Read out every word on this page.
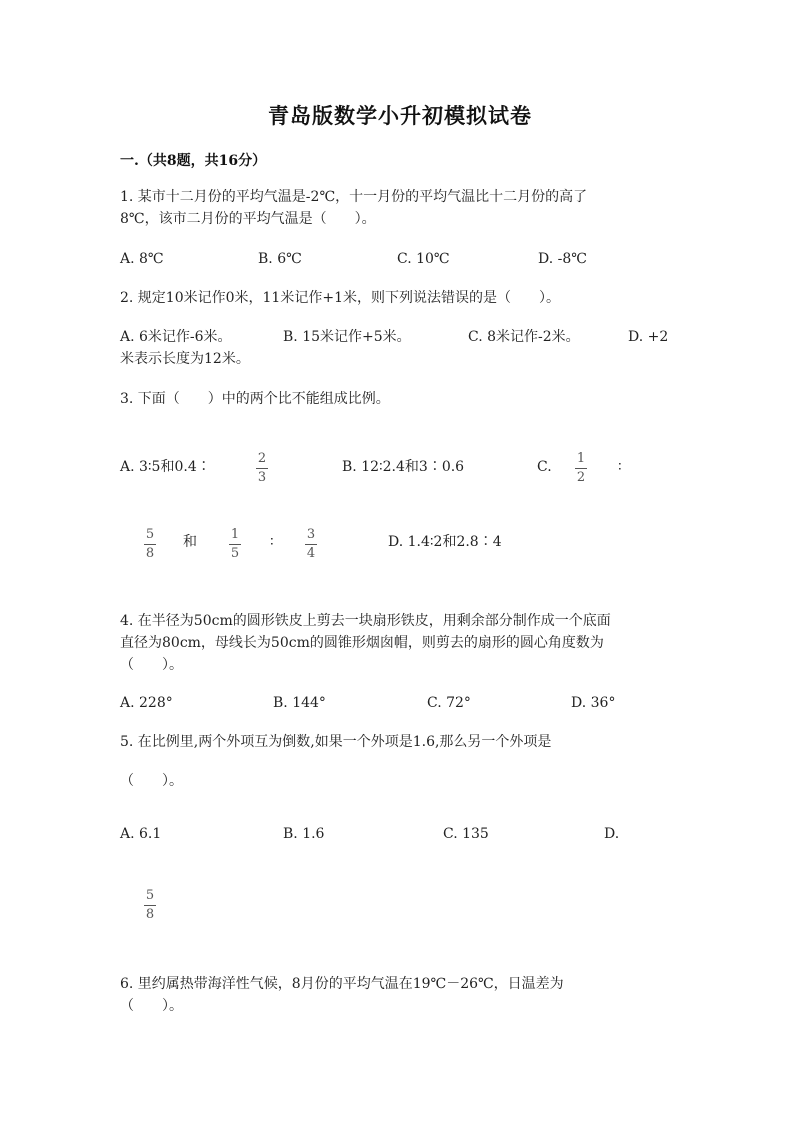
青岛版数学小升初模拟试卷
一.（共8题，共16分）
1. 某市十二月份的平均气温是-2℃，十一月份的平均气温比十二月份的高了
8℃，该市二月份的平均气温是（　　）。
A. 8℃	B. 6℃	C. 10℃	D. -8℃
2. 规定10米记作0米，11米记作+1米，则下列说法错误的是（　　）。
A. 6米记作-6米。	B. 15米记作+5米。	C. 8米记作-2米。	D. +2
米表示长度为12米。
3. 下面（　　）中的两个比不能组成比例。
A. 3∶5和0.4∶
2
3
B. 12∶2.4和3∶0.6	C.
1
2
∶
5
8
和	1
5
∶	3
4
D. 1.4∶2和2.8∶4
4. 在半径为50cm的圆形铁皮上剪去一块扇形铁皮，用剩余部分制作成一个底面
直径为80cm，母线长为50cm的圆锥形烟囱帽，则剪去的扇形的圆心角度数为
（　　）。
A. 228°	B. 144°	C. 72°	D. 36°
5. 在比例里,两个外项互为倒数,如果一个外项是1.6,那么另一个外项是
（　　）。
A. 6.1	B. 1.6	C. 135	D.
5
8
6. 里约属热带海洋性气候，8月份的平均气温在19℃－26℃，日温差为
（　　）。
